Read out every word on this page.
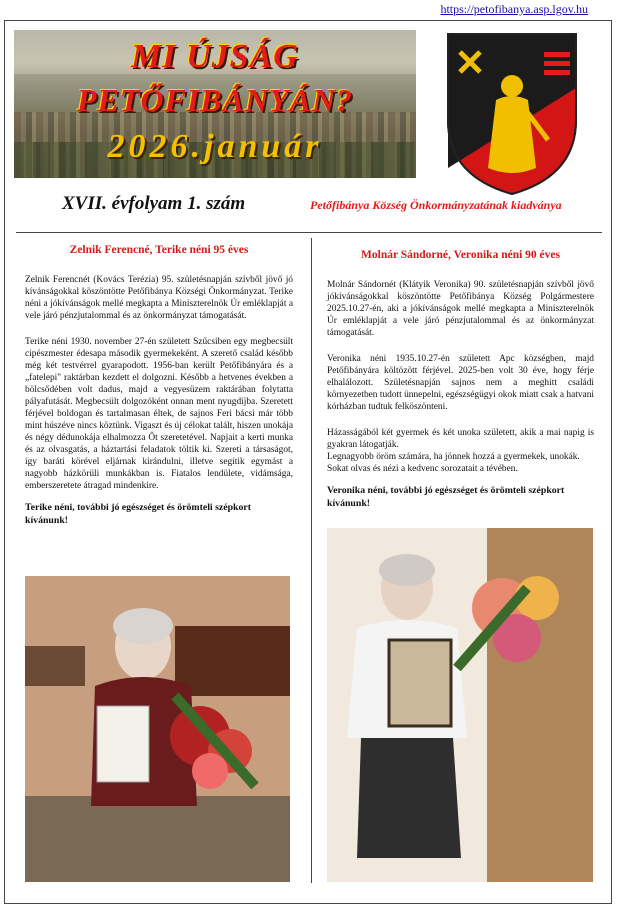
https://petofibanya.asp.lgov.hu
MI ÚJSÁG
PETŐFIBÁNYÁN?
2026.január
XVII. évfolyam 1. szám	Petőfibánya Község Önkormányzatának kiadványa
Zelnik Ferencné, Terike néni 95 éves

Zelnik Ferencnét (Kovács Terézia) 95. születésnapján szívből jövő jó kívánságokkal köszöntötte Petőfibánya Községi Önkormányzat. Terike néni a jókívánságok mellé megkapta a Miniszterelnök Úr emléklapját a vele járó pénzjutalommal és az önkormányzat támogatását.

Terike néni 1930. november 27-én született Szűcsiben egy megbecsült cipészmester édesapa második gyermekeként. A szerető család később még két testvérrel gyarapodott. 1956-ban került Petőfibányára és a „fatelepi" raktárban kezdett el dolgozni. Később a hetvenes években a bölcsődében volt dadus, majd a vegyesüzem raktárában folytatta pályafutását. Megbecsült dolgozóként onnan ment nyugdíjba. Szeretett férjével boldogan és tartalmasan éltek, de sajnos Feri bácsi már több mint húszéve nincs köztünk. Vigaszt és új célokat talált, hiszen unokája és négy dédunokája elhalmozza Őt szeretetével. Napjait a kerti munka és az olvasgatás, a háztartási feladatok töltik ki. Szereti a társaságot, így baráti körével eljárnak kirándulni, illetve segítik egymást a nagyobb házkörüli munkákban is. Fiatalos lendülete, vidámsága, emberszeretete átragad mindenkire.

Terike néni, további jó egészséget és örömteli szépkort kívánunk!

Molnár Sándorné, Veronika néni 90 éves

Molnár Sándornét (Klátyik Veronika) 90. születésnapján szívből jövő jókívánságokkal köszöntötte Petőfibánya Község Polgármestere 2025.10.27-én, aki a jókívánságok mellé megkapta a Miniszterelnök Úr emléklapját a vele járó pénzjutalommal és az önkormányzat támogatását.

Veronika néni 1935.10.27-én született Apc községben, majd Petőfibányára költözött férjével. 2025-ben volt 30 éve, hogy férje elhalálozott. Születésnapján sajnos nem a meghitt családi környezetben tudott ünnepelni, egészségügyi okok miatt csak a hatvani kórházban tudtuk felköszönteni.

Házasságából két gyermek és két unoka született, akik a mai napig is gyakran látogatják.

Legnagyobb öröm számára, ha jönnek hozzá a gyermekek, unokák.

Sokat olvas és nézi a kedvenc sorozatait a tévében.

Veronika néni, további jó egészséget és örömteli szépkort kívánunk!
